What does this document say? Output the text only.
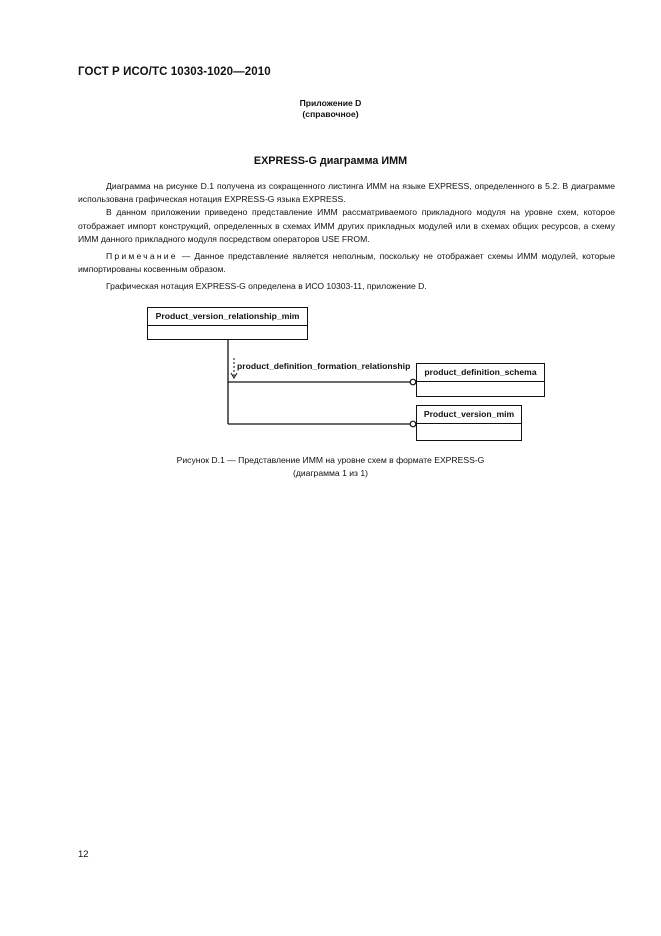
ГОСТ Р ИСО/ТС 10303-1020—2010
Приложение D
(справочное)
EXPRESS-G диаграмма ИММ

Диаграмма на рисунке D.1 получена из сокращенного листинга ИММ на языке EXPRESS, определенного в 5.2. В диаграмме использована графическая нотация EXPRESS-G языка EXPRESS.

В данном приложении приведено представление ИММ рассматриваемого прикладного модуля на уровне схем, которое отображает импорт конструкций, определенных в схемах ИММ других прикладных модулей или в схемах общих ресурсов, а схему ИММ данного прикладного модуля посредством операторов USE FROM.

Примечание — Данное представление является неполным, поскольку не отображает схемы ИММ модулей, которые импортированы косвенным образом.

Графическая нотация EXPRESS-G определена в ИСО 10303-11, приложение D.

Product_version_relationship_mim
product_definition_formation_relationship
product_definition_schema
Product_version_mim
Рисунок D.1 — Представление ИММ на уровне схем в формате EXPRESS-G
(диаграмма 1 из 1)
12
